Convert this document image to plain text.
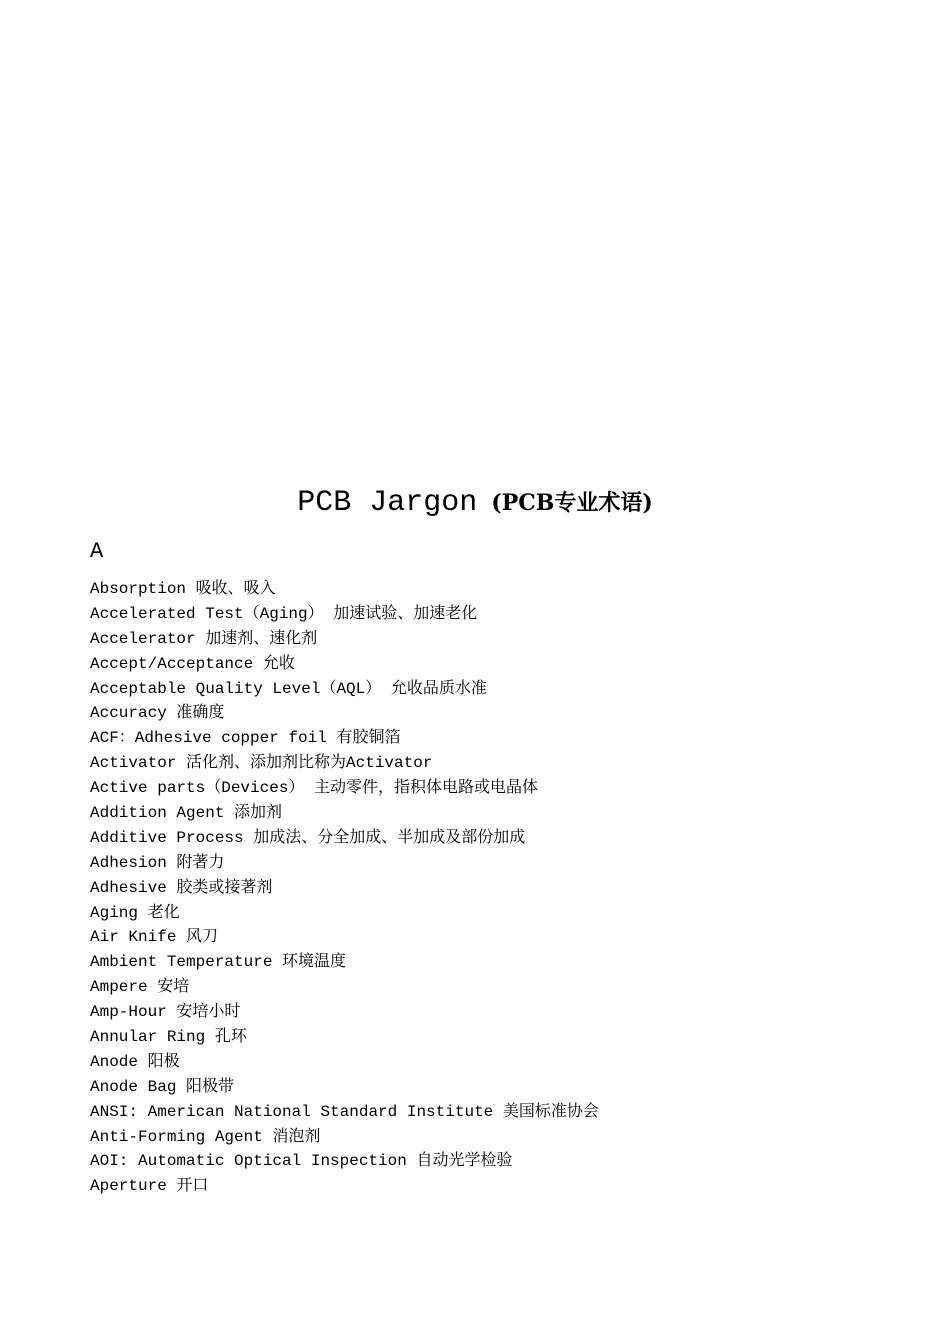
PCB Jargon (PCB专业术语)
A
Absorption 吸收、吸入
Accelerated Test（Aging） 加速试验、加速老化
Accelerator 加速剂、速化剂
Accept/Acceptance 允收
Acceptable Quality Level（AQL） 允收品质水准
Accuracy 准确度
ACF：Adhesive copper foil 有胶铜箔
Activator 活化剂、添加剂比称为Activator
Active parts（Devices） 主动零件，指积体电路或电晶体
Addition Agent 添加剂
Additive Process 加成法、分全加成、半加成及部份加成
Adhesion 附著力
Adhesive 胶类或接著剂
Aging 老化
Air Knife 风刀
Ambient Temperature 环境温度
Ampere 安培
Amp-Hour 安培小时
Annular Ring 孔环
Anode 阳极
Anode Bag 阳极带
ANSI: American National Standard Institute 美国标准协会
Anti-Forming Agent 消泡剂
AOI: Automatic Optical Inspection 自动光学检验
Aperture 开口
